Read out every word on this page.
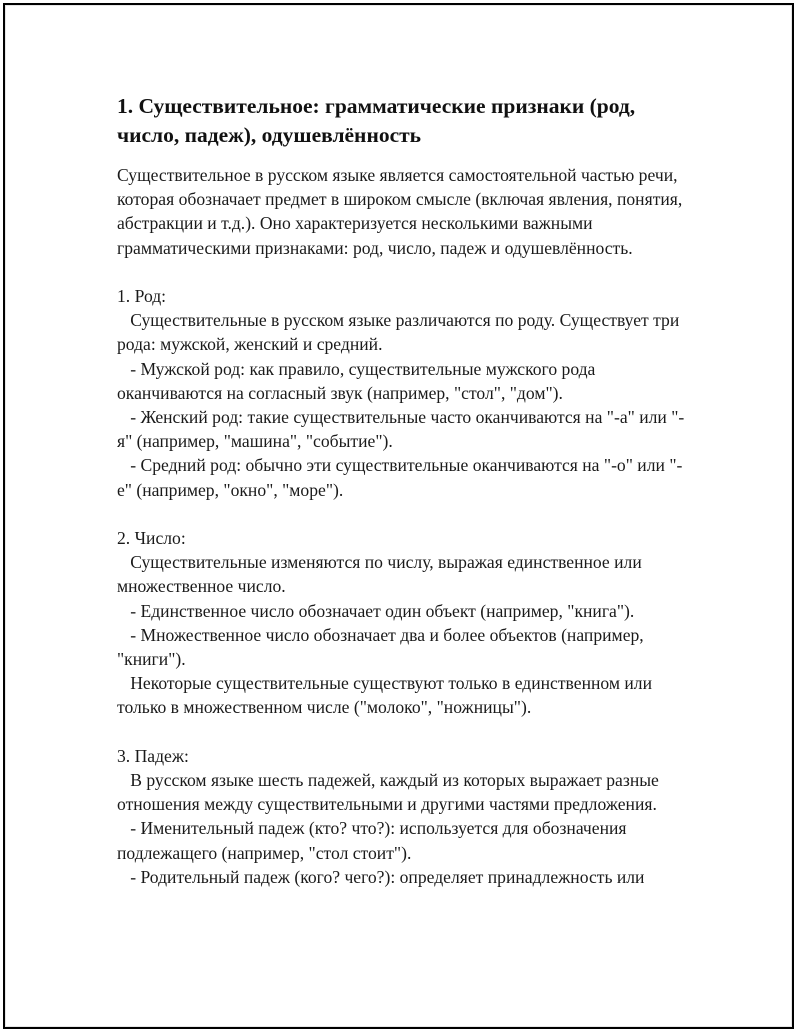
1. Существительное: грамматические признаки (род, число, падеж), одушевлённость

Существительное в русском языке является самостоятельной частью речи, которая обозначает предмет в широком смысле (включая явления, понятия, абстракции и т.д.). Оно характеризуется несколькими важными грамматическими признаками: род, число, падеж и одушевлённость.

1. Род:

Существительные в русском языке различаются по роду. Существует три рода: мужской, женский и средний.

- Мужской род: как правило, существительные мужского рода оканчиваются на согласный звук (например, "стол", "дом").

- Женский род: такие существительные часто оканчиваются на "-а" или "-я" (например, "машина", "событие").

- Средний род: обычно эти существительные оканчиваются на "-о" или "-е" (например, "окно", "море").

2. Число:

Существительные изменяются по числу, выражая единственное или множественное число.

- Единственное число обозначает один объект (например, "книга").

- Множественное число обозначает два и более объектов (например, "книги").

Некоторые существительные существуют только в единственном или только в множественном числе ("молоко", "ножницы").

3. Падеж:

В русском языке шесть падежей, каждый из которых выражает разные отношения между существительными и другими частями предложения.

- Именительный падеж (кто? что?): используется для обозначения подлежащего (например, "стол стоит").

- Родительный падеж (кого? чего?): определяет принадлежность или
